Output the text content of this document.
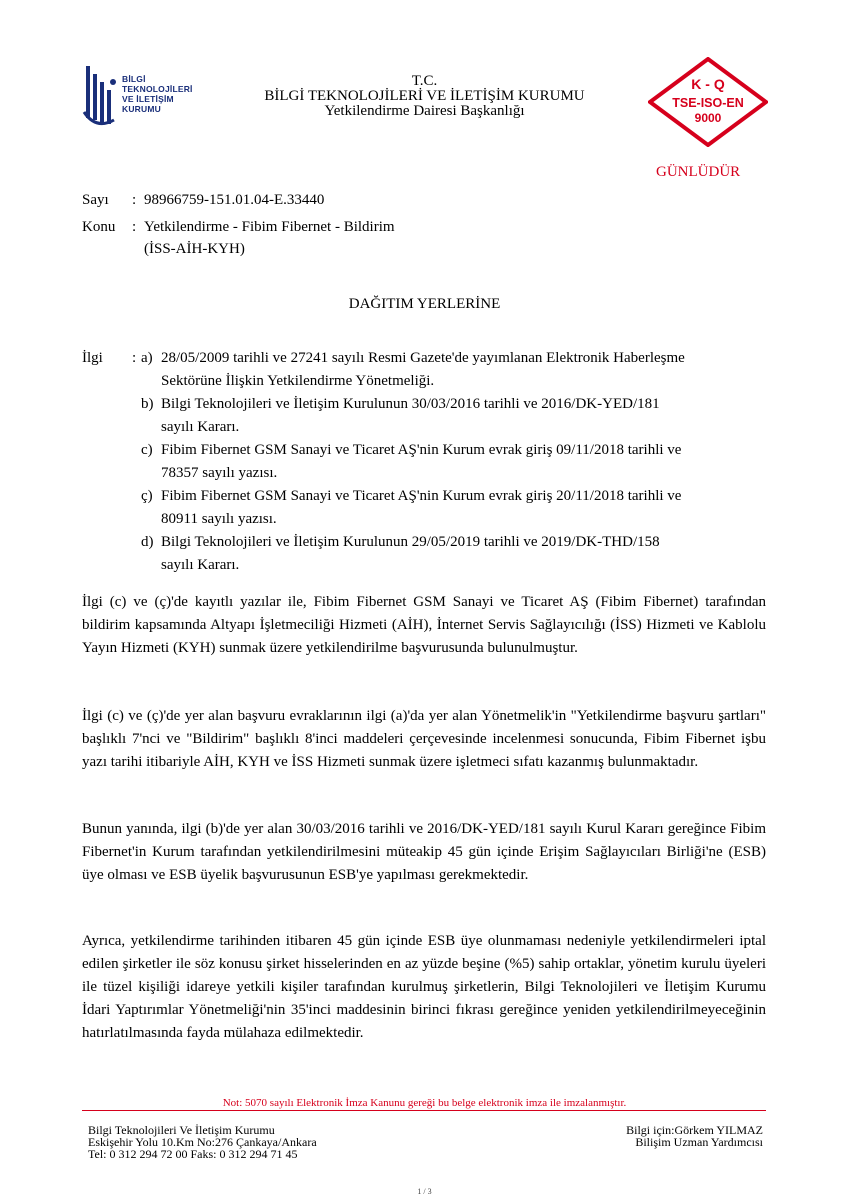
BİLGİ
TEKNOLOJİLERİ
VE İLETİŞİM
KURUMU
T.C.
BİLGİ TEKNOLOJİLERİ VE İLETİŞİM KURUMU
Yetkilendirme Dairesi Başkanlığı
K - Q
TSE-ISO-EN
9000
GÜNLÜDÜR
Sayı : 98966759-151.01.04-E.33440
Konu : Yetkilendirme - Fibim Fibernet - Bildirim
(İSS-AİH-KYH)
DAĞITIM YERLERİNE
İlgi : a) 28/05/2009 tarihli ve 27241 sayılı Resmi Gazete'de yayımlanan Elektronik Haberleşme
Sektörüne İlişkin Yetkilendirme Yönetmeliği.
b) Bilgi Teknolojileri ve İletişim Kurulunun 30/03/2016 tarihli ve 2016/DK-YED/181
sayılı Kararı.
c) Fibim Fibernet GSM Sanayi ve Ticaret AŞ'nin Kurum evrak giriş 09/11/2018 tarihli ve
78357 sayılı yazısı.
ç) Fibim Fibernet GSM Sanayi ve Ticaret AŞ'nin Kurum evrak giriş 20/11/2018 tarihli ve
80911 sayılı yazısı.
d) Bilgi Teknolojileri ve İletişim Kurulunun 29/05/2019 tarihli ve 2019/DK-THD/158
sayılı Kararı.
İlgi (c) ve (ç)'de kayıtlı yazılar ile, Fibim Fibernet GSM Sanayi ve Ticaret AŞ (Fibim Fibernet) tarafından bildirim kapsamında Altyapı İşletmeciliği Hizmeti (AİH), İnternet Servis Sağlayıcılığı (İSS) Hizmeti ve Kablolu Yayın Hizmeti (KYH) sunmak üzere yetkilendirilme başvurusunda bulunulmuştur.
İlgi (c) ve (ç)'de yer alan başvuru evraklarının ilgi (a)'da yer alan Yönetmelik'in "Yetkilendirme başvuru şartları" başlıklı 7'nci ve "Bildirim" başlıklı 8'inci maddeleri çerçevesinde incelenmesi sonucunda, Fibim Fibernet işbu yazı tarihi itibariyle AİH, KYH ve İSS Hizmeti sunmak üzere işletmeci sıfatı kazanmış bulunmaktadır.
Bunun yanında, ilgi (b)'de yer alan 30/03/2016 tarihli ve 2016/DK-YED/181 sayılı Kurul Kararı gereğince Fibim Fibernet'in Kurum tarafından yetkilendirilmesini müteakip 45 gün içinde Erişim Sağlayıcıları Birliği'ne (ESB) üye olması ve ESB üyelik başvurusunun ESB'ye yapılması gerekmektedir.
Ayrıca, yetkilendirme tarihinden itibaren 45 gün içinde ESB üye olunmaması nedeniyle yetkilendirmeleri iptal edilen şirketler ile söz konusu şirket hisselerinden en az yüzde beşine (%5) sahip ortaklar, yönetim kurulu üyeleri ile tüzel kişiliği idareye yetkili kişiler tarafından kurulmuş şirketlerin, Bilgi Teknolojileri ve İletişim Kurumu İdari Yaptırımlar Yönetmeliği'nin 35'inci maddesinin birinci fıkrası gereğince yeniden yetkilendirilmeyeceğinin hatırlatılmasında fayda mülahaza edilmektedir.
Not: 5070 sayılı Elektronik İmza Kanunu gereği bu belge elektronik imza ile imzalanmıştır.
Bilgi Teknolojileri Ve İletişim Kurumu
Eskişehir Yolu 10.Km No:276 Çankaya/Ankara
Tel: 0 312 294 72 00 Faks: 0 312 294 71 45
Bilgi için:Görkem YILMAZ
Bilişim Uzman Yardımcısı
1 / 3
